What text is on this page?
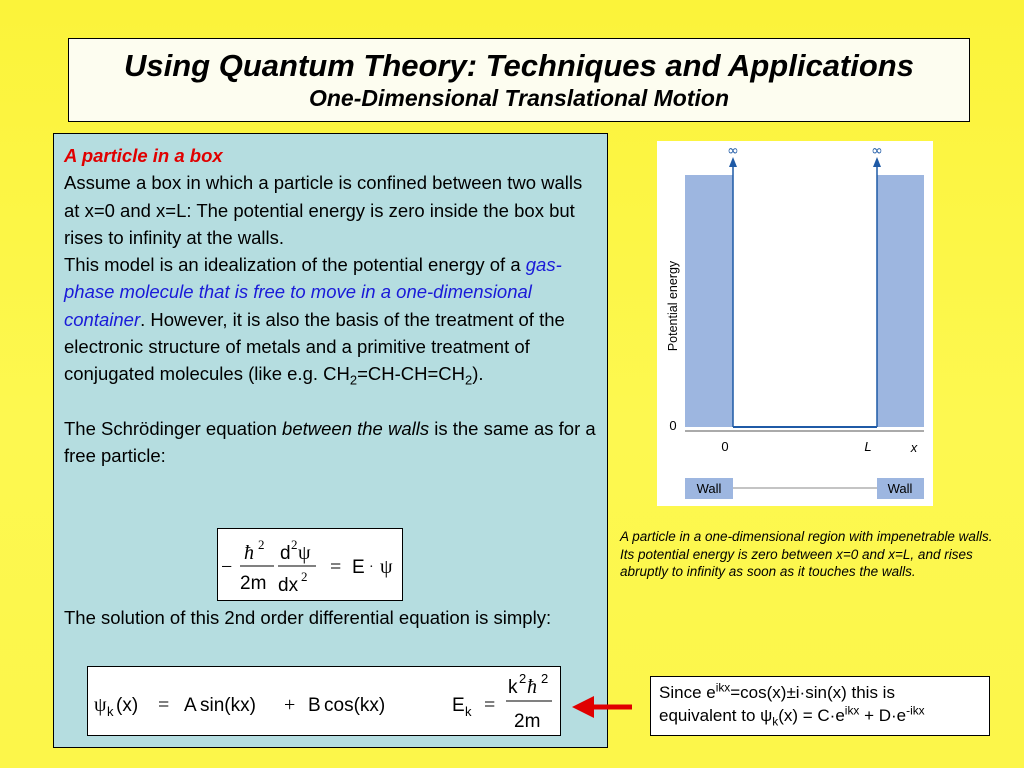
Using Quantum Theory: Techniques and Applications
One-Dimensional Translational Motion
A particle in a box
Assume a box in which a particle is confined between two walls at x=0 and x=L: The potential energy is zero inside the box but rises to infinity at the walls.
This model is an idealization of the potential energy of a gas-phase molecule that is free to move in a one-dimensional container. However, it is also the basis of the treatment of the electronic structure of metals and a primitive treatment of conjugated molecules (like e.g. $CH_2=CH-CH=CH_2$).
The Schrödinger equation between the walls is the same as for a free particle:
−
ħ 2
2m
d 2 ψ
dx 2 = E · ψ
The solution of this 2nd order differential equation is simply:
ψ k (x) = A sin(kx) + B cos(kx)	E k =
k 2 ħ 2
2m
∞	∞
Potential energy
0
0	L	x
Wall	Wall
A particle in a one-dimensional region with impenetrable walls. Its potential energy is zero between x=0 and x=L, and rises abruptly to infinity as soon as it touches the walls.
Since $e^{ikx}=\cos(x)\pm i\cdot\sin(x)$ this is
equivalent to $\psi_k(x) = C\cdot e^{ikx} + D\cdot e^{-ikx}$
